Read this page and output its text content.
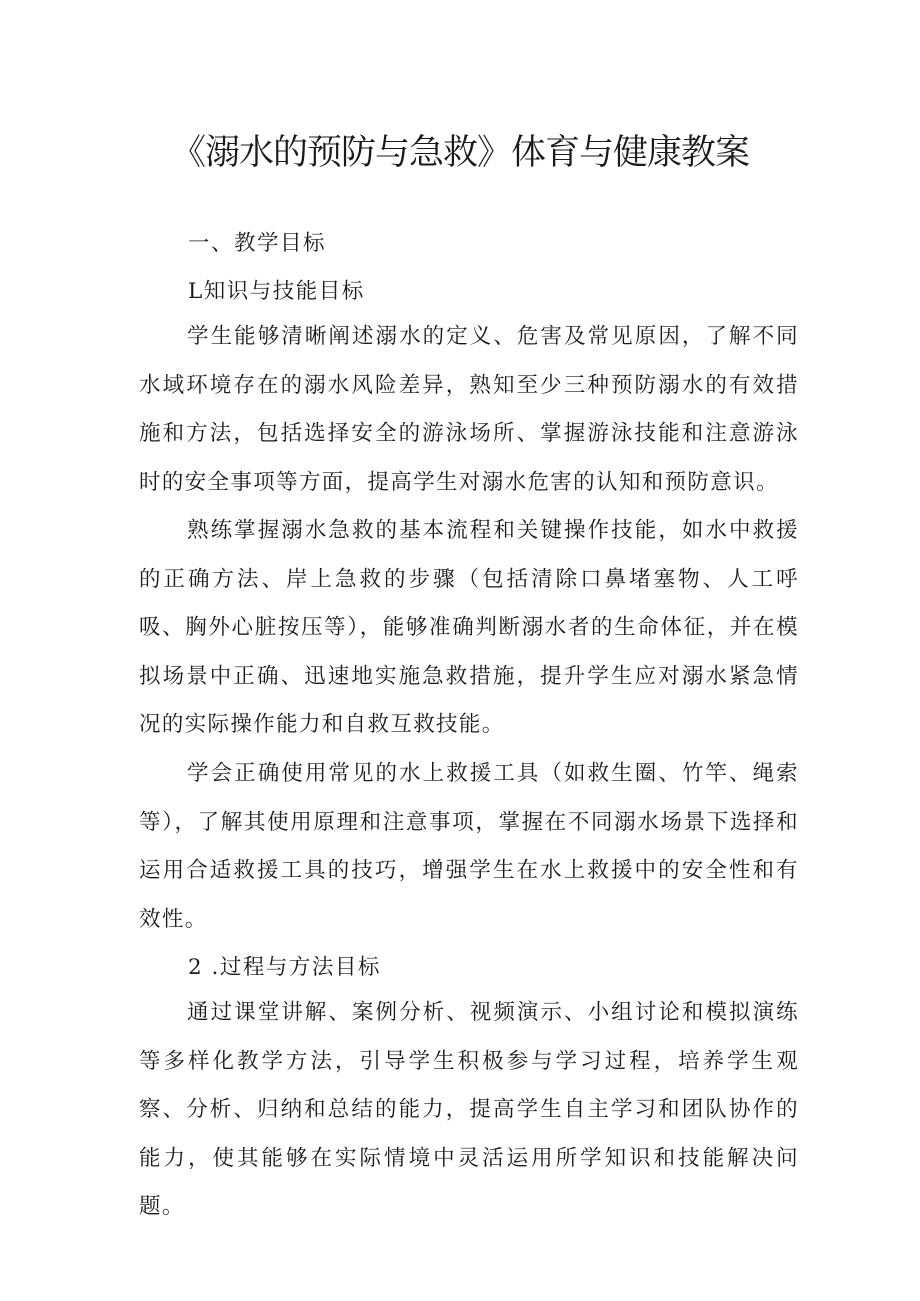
《溺水的预防与急救》体育与健康教案

一、教学目标

L知识与技能目标

学生能够清晰阐述溺水的定义、危害及常见原因，了解不同水域环境存在的溺水风险差异，熟知至少三种预防溺水的有效措施和方法，包括选择安全的游泳场所、掌握游泳技能和注意游泳时的安全事项等方面，提高学生对溺水危害的认知和预防意识。

熟练掌握溺水急救的基本流程和关键操作技能，如水中救援的正确方法、岸上急救的步骤（包括清除口鼻堵塞物、人工呼吸、胸外心脏按压等），能够准确判断溺水者的生命体征，并在模拟场景中正确、迅速地实施急救措施，提升学生应对溺水紧急情况的实际操作能力和自救互救技能。

学会正确使用常见的水上救援工具（如救生圈、竹竿、绳索等），了解其使用原理和注意事项，掌握在不同溺水场景下选择和运用合适救援工具的技巧，增强学生在水上救援中的安全性和有效性。

2 .过程与方法目标

通过课堂讲解、案例分析、视频演示、小组讨论和模拟演练等多样化教学方法，引导学生积极参与学习过程，培养学生观察、分析、归纳和总结的能力，提高学生自主学习和团队协作的能力，使其能够在实际情境中灵活运用所学知识和技能解决问题。
